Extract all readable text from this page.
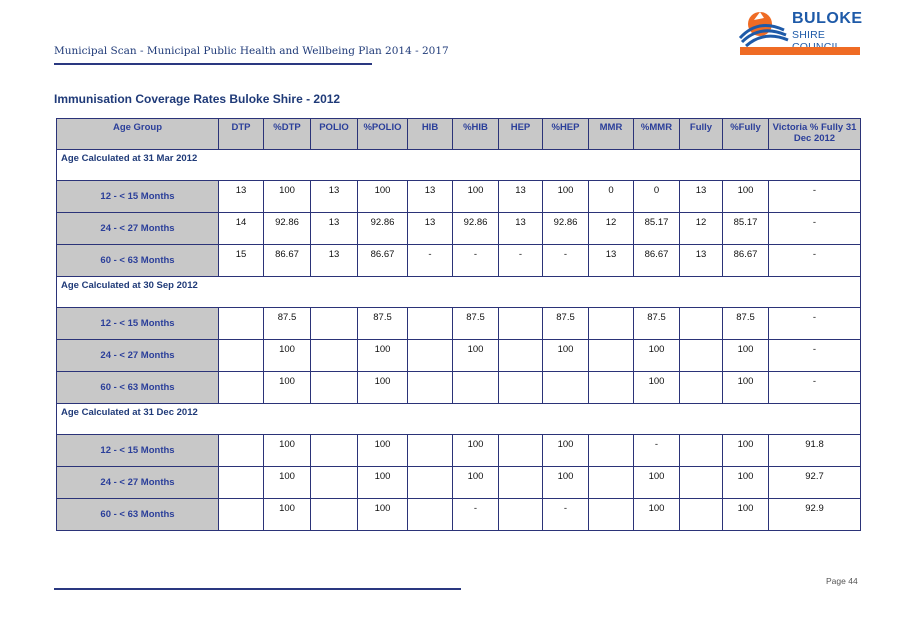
Municipal Scan - Municipal Public Health and Wellbeing Plan 2014 - 2017
BULOKE
SHIRE
Immunisation Coverage Rates Buloke Shire - 2012
Age Group	DTP	%DTP	POLIO	%POLIO	HIB	%HIB	HEP	%HEP	MMR	%MMR	Fully	%Fully	Victoria % Fully 31 Dec 2012
Age Calculated at 31 Mar 2012													
12 - < 15 Months	13	100	13	100	13	100	13	100	0	0	13	100	-
24 - < 27 Months	14	92.86	13	92.86	13	92.86	13	92.86	12	85.17	12	85.17	-
60 - < 63 Months	15	86.67	13	86.67	-	-	-	-	13	86.67	13	86.67	-
Age Calculated at 30 Sep 2012													
12 - < 15 Months		87.5		87.5		87.5		87.5		87.5		87.5	-
24 - < 27 Months		100		100		100		100		100		100	-
60 - < 63 Months		100		100						100		100	-
Age Calculated at 31 Dec 2012													
12 - < 15 Months		100		100		100		100		-		100	91.8
24 - < 27 Months		100		100		100		100		100		100	92.7
60 - < 63 Months		100		100		-		-		100		100	92.9
Page 44
